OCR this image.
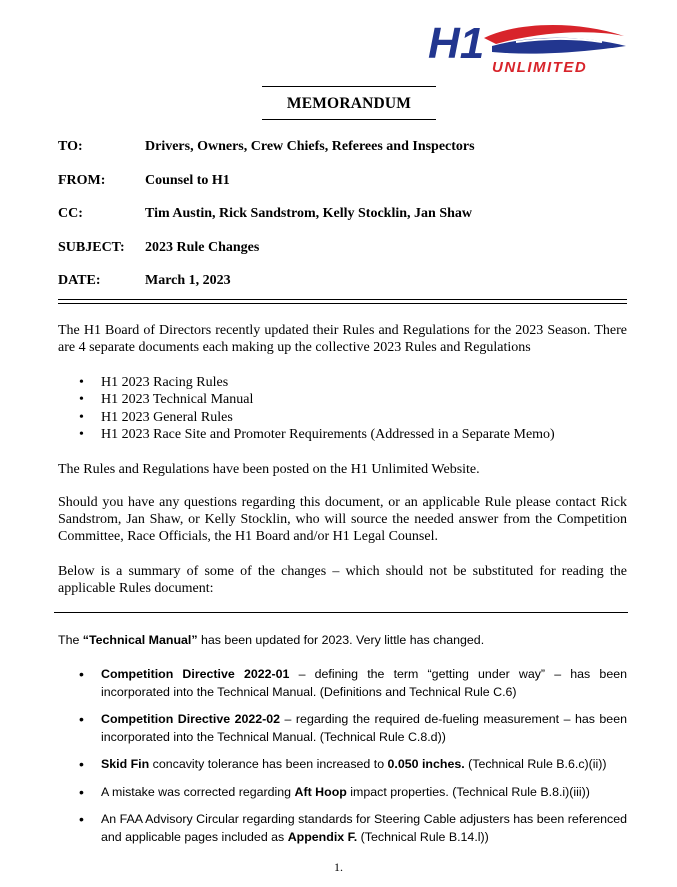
H1 UNLIMITED
MEMORANDUM
TO:	Drivers, Owners, Crew Chiefs, Referees and Inspectors
FROM:	Counsel to H1
CC:	Tim Austin, Rick Sandstrom, Kelly Stocklin, Jan Shaw
SUBJECT: 2023 Rule Changes
DATE:	March 1, 2023

The H1 Board of Directors recently updated their Rules and Regulations for the 2023 Season. There are 4 separate documents each making up the collective 2023 Rules and Regulations

• H1 2023 Racing Rules
• H1 2023 Technical Manual
• H1 2023 General Rules
• H1 2023 Race Site and Promoter Requirements (Addressed in a Separate Memo)

The Rules and Regulations have been posted on the H1 Unlimited Website.

Should you have any questions regarding this document, or an applicable Rule please contact Rick Sandstrom, Jan Shaw, or Kelly Stocklin, who will source the needed answer from the Competition Committee, Race Officials, the H1 Board and/or H1 Legal Counsel.

Below is a summary of some of the changes – which should not be substituted for reading the applicable Rules document:

The “Technical Manual” has been updated for 2023. Very little has changed.
• Competition Directive 2022-01 – defining the term “getting under way” – has been incorporated into the Technical Manual. (Definitions and Technical Rule C.6)
• Competition Directive 2022-02 – regarding the required de-fueling measurement – has been incorporated into the Technical Manual. (Technical Rule C.8.d))
• Skid Fin concavity tolerance has been increased to 0.050 inches. (Technical Rule B.6.c)(ii))
• A mistake was corrected regarding Aft Hoop impact properties. (Technical Rule B.8.i)(iii))
• An FAA Advisory Circular regarding standards for Steering Cable adjusters has been referenced and applicable pages included as Appendix F. (Technical Rule B.14.l))
1.
